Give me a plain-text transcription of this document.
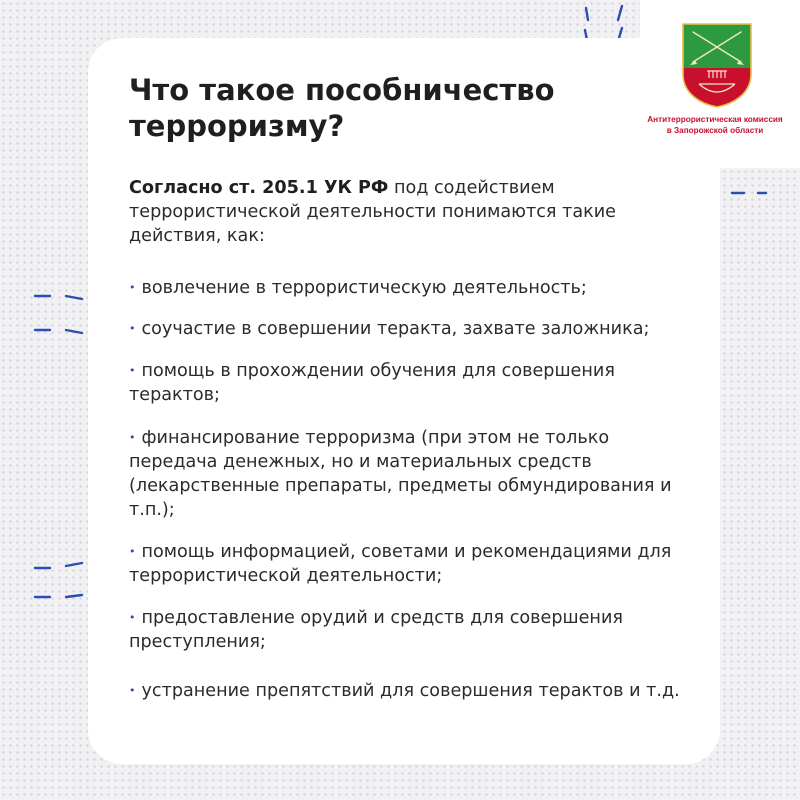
Антитеррористическая комиссия
в Запорожской области
Что такое пособничество терроризму?

Согласно ст. 205.1 УК РФ под содействием террористической деятельности понимаются такие действия, как:

• вовлечение в террористическую деятельность;
• соучастие в совершении теракта, захвате заложника;
• помощь в прохождении обучения для совершения терактов;
• финансирование терроризма (при этом не только передача денежных, но и материальных средств (лекарственные препараты, предметы обмундирования и т.п.);
• помощь информацией, советами и рекомендациями для террористической деятельности;
• предоставление орудий и средств для совершения преступления;
• устранение препятствий для совершения терактов и т.д.
